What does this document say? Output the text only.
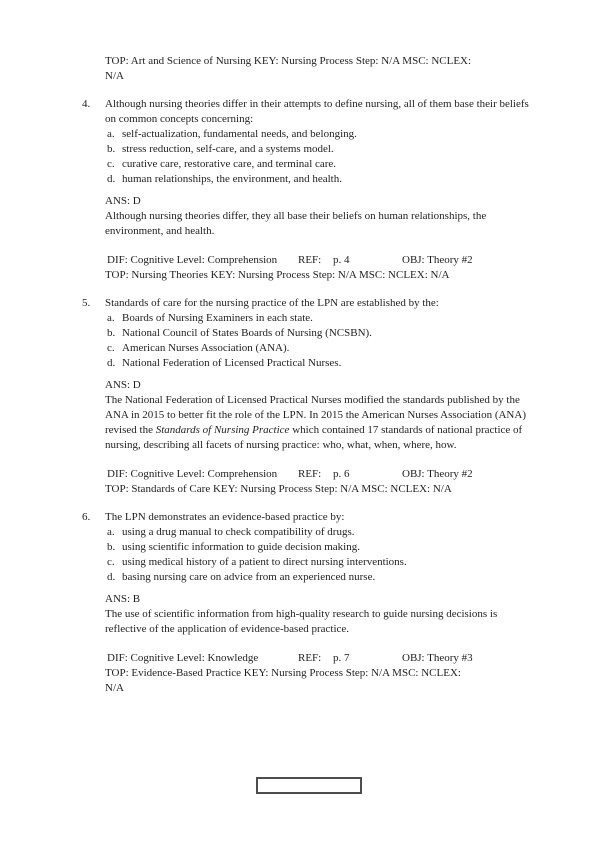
TOP: Art and Science of Nursing KEY: Nursing Process Step: N/A MSC: NCLEX:
N/A
4. Although nursing theories differ in their attempts to define nursing, all of them base their beliefs on common concepts concerning:
a. self-actualization, fundamental needs, and belonging.
b. stress reduction, self-care, and a systems model.
c. curative care, restorative care, and terminal care.
d. human relationships, the environment, and health.
ANS: D
Although nursing theories differ, they all base their beliefs on human relationships, the environment, and health.
DIF: Cognitive Level: Comprehension REF: p. 4	OBJ: Theory #2
TOP: Nursing Theories KEY: Nursing Process Step: N/A MSC: NCLEX: N/A
5. Standards of care for the nursing practice of the LPN are established by the:
a. Boards of Nursing Examiners in each state.
b. National Council of States Boards of Nursing (NCSBN).
c. American Nurses Association (ANA).
d. National Federation of Licensed Practical Nurses.
ANS: D
The National Federation of Licensed Practical Nurses modified the standards published by the ANA in 2015 to better fit the role of the LPN. In 2015 the American Nurses Association (ANA) revised the Standards of Nursing Practice which contained 17 standards of national practice of nursing, describing all facets of nursing practice: who, what, when, where, how.
DIF: Cognitive Level: Comprehension REF: p. 6	OBJ: Theory #2
TOP: Standards of Care KEY: Nursing Process Step: N/A MSC: NCLEX: N/A
6. The LPN demonstrates an evidence-based practice by:
a. using a drug manual to check compatibility of drugs.
b. using scientific information to guide decision making.
c. using medical history of a patient to direct nursing interventions.
d. basing nursing care on advice from an experienced nurse.
ANS: B
The use of scientific information from high-quality research to guide nursing decisions is reflective of the application of evidence-based practice.
DIF: Cognitive Level: Knowledge	REF: p. 7	OBJ: Theory #3
TOP: Evidence-Based Practice KEY: Nursing Process Step: N/A MSC: NCLEX:
N/A
